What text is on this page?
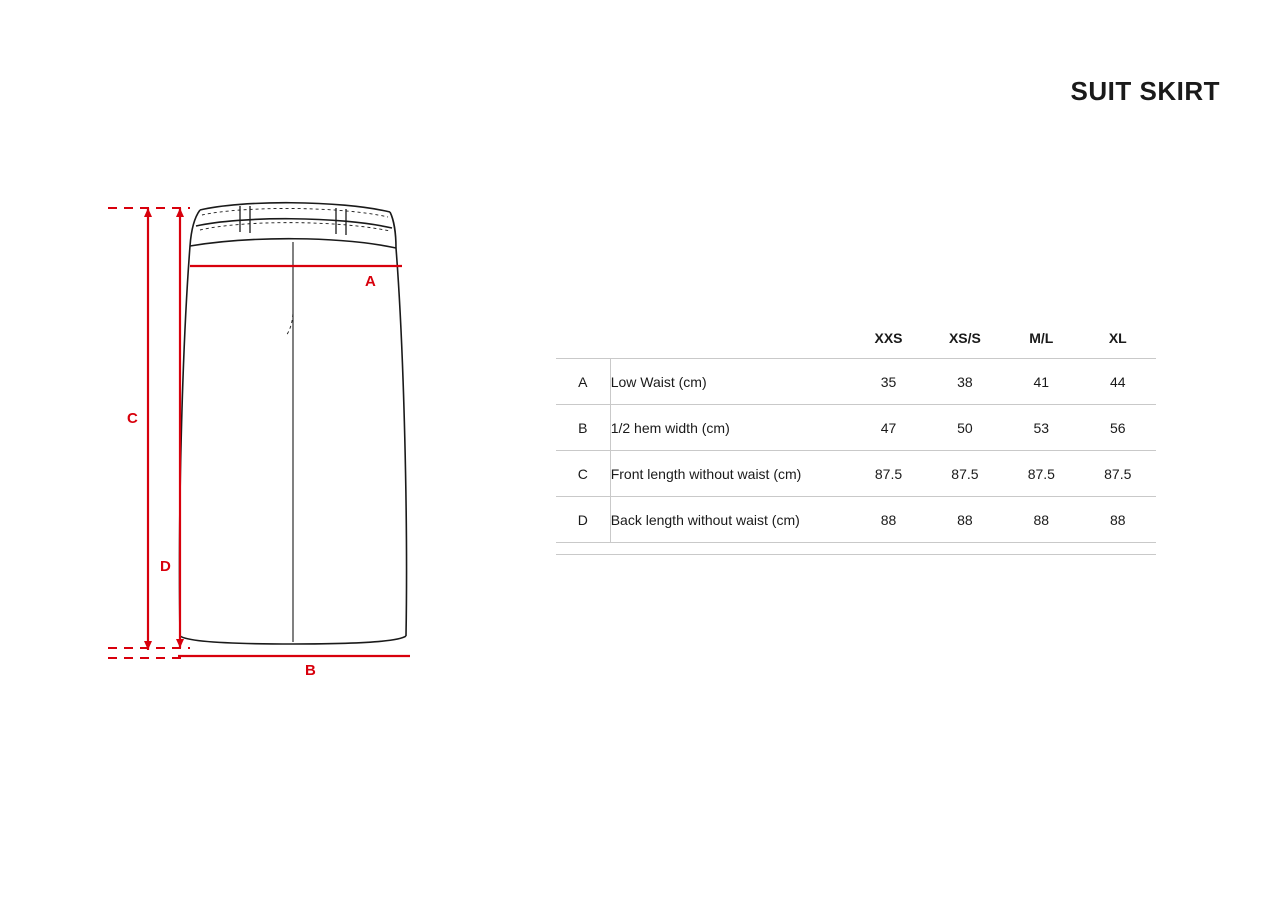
SUIT SKIRT
A
B
C
D
		XXS	XS/S	M/L	XL
A	Low Waist (cm)	35	38	41	44
B	1/2 hem width (cm)	47	50	53	56
C	Front length without waist (cm)	87.5	87.5	87.5	87.5
D	Back length without waist (cm)	88	88	88	88
